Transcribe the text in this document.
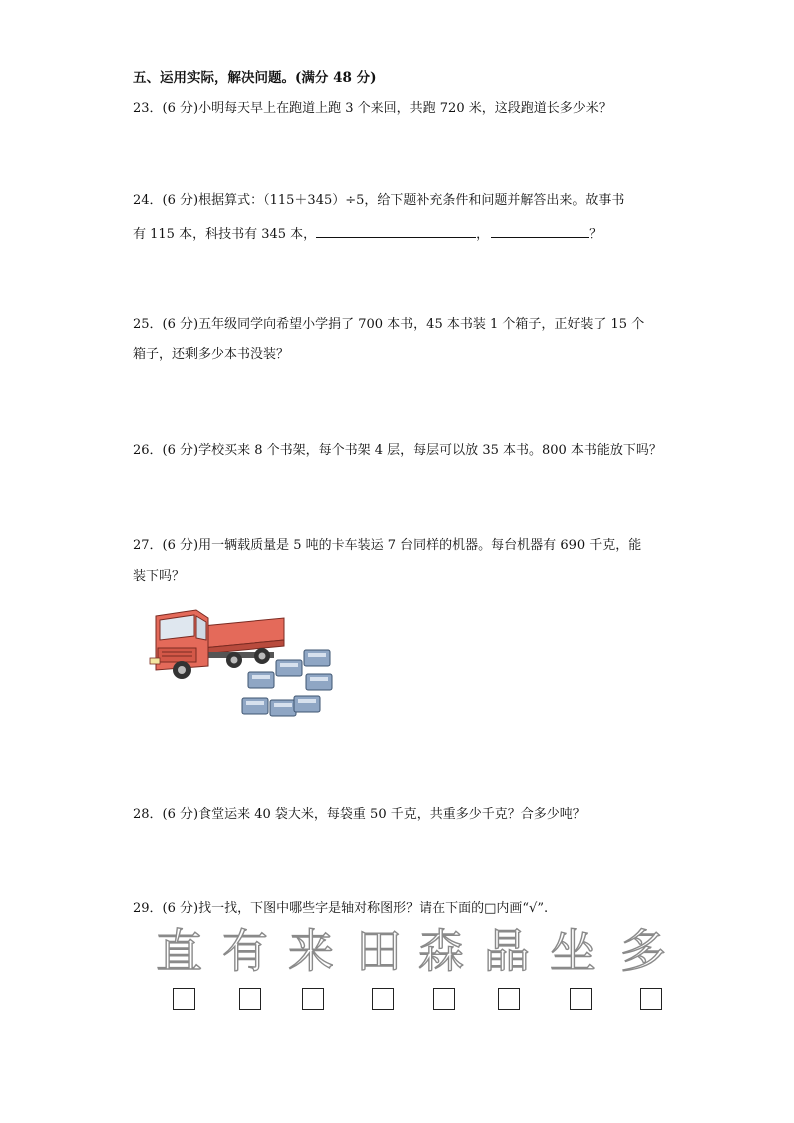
五、运用实际，解决问题。(满分 48 分)
23．(6 分)小明每天早上在跑道上跑 3 个来回，共跑 720 米，这段跑道长多少米？
24．(6 分)根据算式：（115＋345）÷5，给下题补充条件和问题并解答出来。故事书
有 115 本，科技书有 345 本，	，	？
25．(6 分)五年级同学向希望小学捐了 700 本书，45 本书装 1 个箱子，正好装了 15 个
箱子，还剩多少本书没装？
26．(6 分)学校买来 8 个书架，每个书架 4 层，每层可以放 35 本书。800 本书能放下吗？
27．(6 分)用一辆载质量是 5 吨的卡车装运 7 台同样的机器。每台机器有 690 千克，能
装下吗？
28．(6 分)食堂运来 40 袋大米，每袋重 50 千克，共重多少千克？合多少吨？
29．(6 分)找一找，下图中哪些字是轴对称图形？请在下面的□内画“√”.
直 有 来 田 森 晶 坐 多
